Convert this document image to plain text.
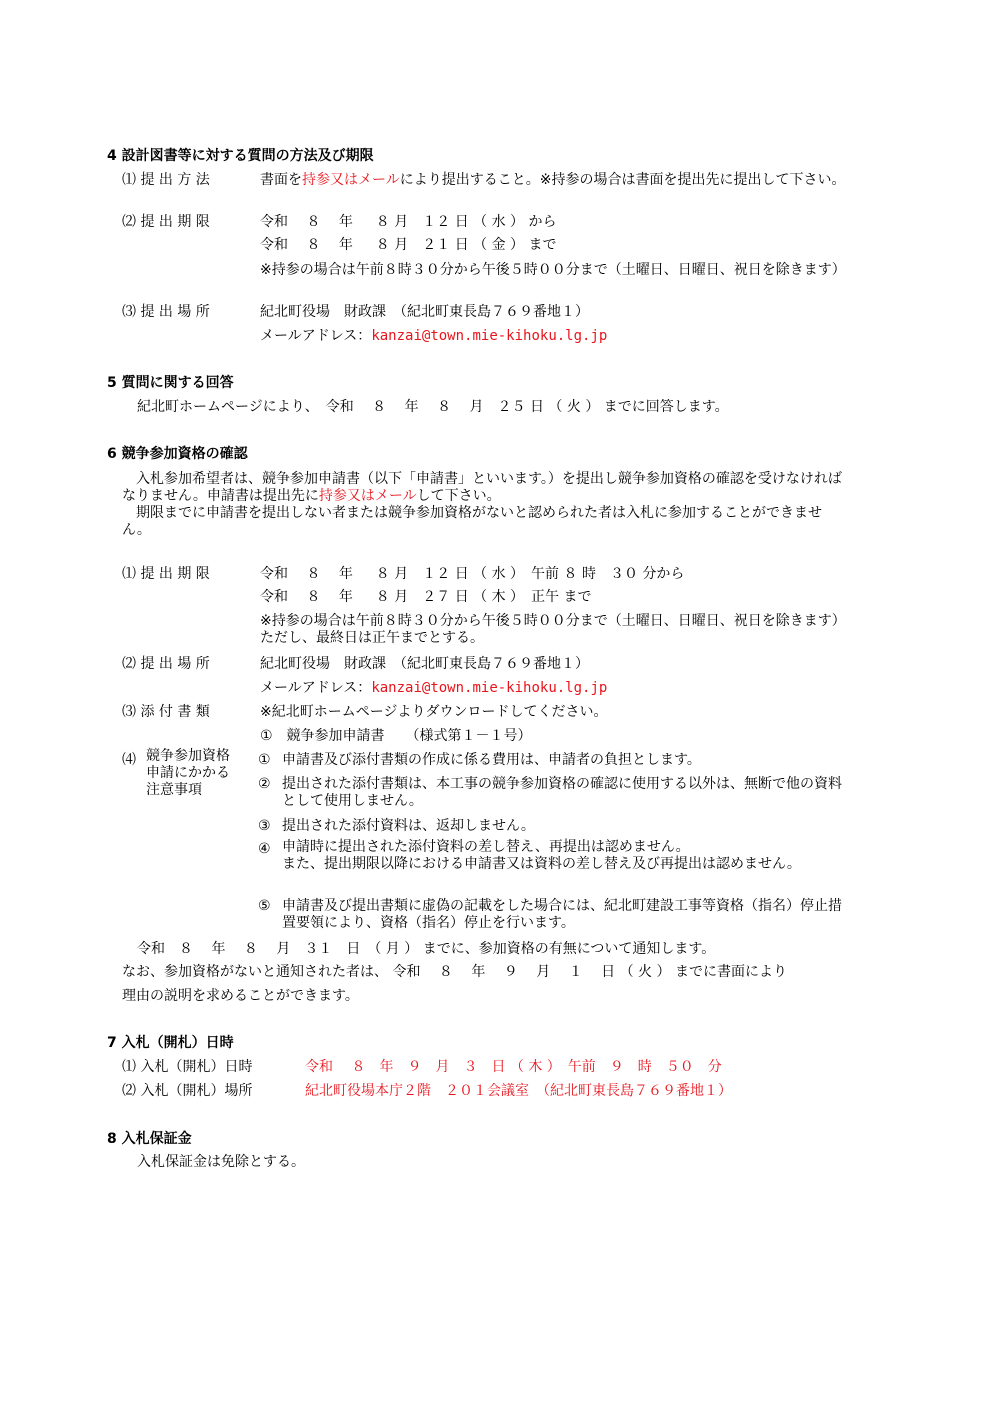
4 設計図書等に対する質問の方法及び期限
⑴ 提 出 方 法	書面を持参又はメールにより提出すること。※持参の場合は書面を提出先に提出して下さい。
⑵ 提 出 期 限	令和　 ８　 年 　 ８ 月　１２ 日 （ 水 ） から
令和　 ８　 年 　 ８ 月　２１ 日 （ 金 ） まで
※持参の場合は午前８時３０分から午後５時００分まで（土曜日、日曜日、祝日を除きます）
⑶ 提 出 場 所	紀北町役場　財政課　（紀北町東長島７６９番地１）
メールアドレス：kanzai@town.mie-kihoku.lg.jp
5 質問に関する回答
紀北町ホームページにより、　令和　 ８　 年　 ８　 月　２５ 日 （ 火 ） までに回答します。
6 競争参加資格の確認
入札参加希望者は、競争参加申請書（以下「申請書」といいます。）を提出し競争参加資格の確認を受けなければなりません。申請書は提出先に持参又はメールして下さい。
期限までに申請書を提出しない者または競争参加資格がないと認められた者は入札に参加することができません。
⑴ 提 出 期 限	令和　 ８　 年 　 ８ 月　１２ 日 （ 水 ）　午前 ８ 時　３０ 分から
令和　 ８　 年 　 ８ 月　２７ 日 （ 木 ）　正午 まで
※持参の場合は午前８時３０分から午後５時００分まで（土曜日、日曜日、祝日を除きます）ただし、最終日は正午までとする。
⑵ 提 出 場 所	紀北町役場　財政課　（紀北町東長島７６９番地１）
メールアドレス：kanzai@town.mie-kihoku.lg.jp
⑶ 添 付 書 類	※紀北町ホームページよりダウンロードしてください。
①　競争参加申請書　　（様式第１－１号）
⑷ 競争参加資格申請にかかる注意事項
① 申請書及び添付書類の作成に係る費用は、申請者の負担とします。
② 提出された添付書類は、本工事の競争参加資格の確認に使用する以外は、無断で他の資料として使用しません。
③ 提出された添付資料は、返却しません。
④ 申請時に提出された添付資料の差し替え、再提出は認めません。
また、提出期限以降における申請書又は資料の差し替え及び再提出は認めません。
⑤ 申請書及び提出書類に虚偽の記載をした場合には、紀北町建設工事等資格（指名）停止措置要領により、資格（指名）停止を行います。
令和　８　 年 　８　 月　３１　日　（ 月 ） までに、参加資格の有無について通知します。
なお、参加資格がないと通知された者は、 令和　 ８　 年　 ９　 月　 １　 日 （ 火 ） までに書面により
理由の説明を求めることができます。
7 入札（開札）日時
⑴ 入札（開札）日時	令和　 ８　年　９　月　３　日 （ 木 ）　午前　９　時　５０　分
⑵ 入札（開札）場所	紀北町役場本庁２階　２０１会議室　（紀北町東長島７６９番地１）
8 入札保証金
入札保証金は免除とする。
